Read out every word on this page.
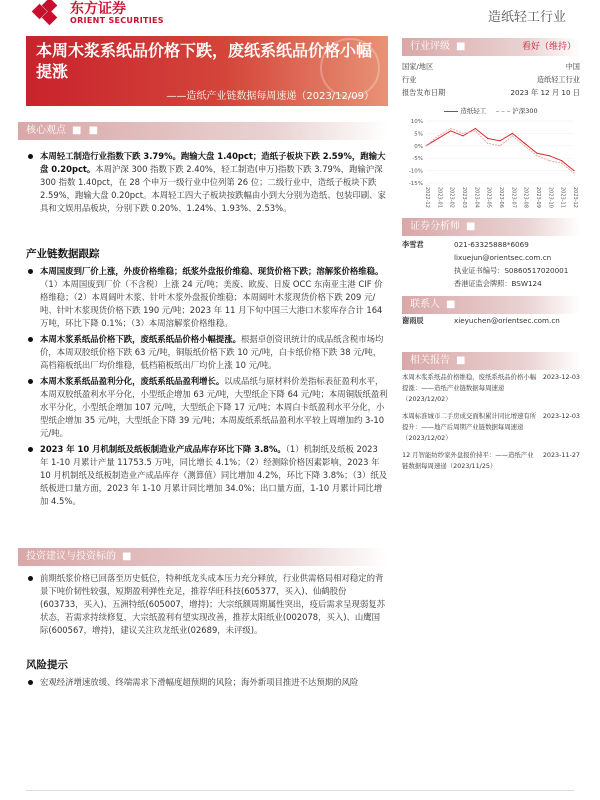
东方证券
ORIENT SECURITIES	造纸轻工行业
本周木浆系纸品价格下跌，废纸系纸品价格小幅提涨
——造纸产业链数据每周速递（2023/12/09）
核心观点 ■ ■
本周轻工制造行业指数下跌 3.79%。跑输大盘 1.40pct；造纸子板块下跌 2.59%，跑输大盘 0.20pct。本周沪深 300 指数下跌 2.40%，轻工制造(申万)指数下跌 3.79%，跑输沪深 300 指数 1.40pct，在 28 个申万一级行业中位列第 26 位；二级行业中，造纸子板块下跌 2.59%，跑输大盘 0.20pct。本周轻工四大子板块按跌幅由小到大分别为造纸、包装印刷、家具和文娱用品板块，分别下跌 0.20%、1.24%、1.93%、2.53%。
产业链数据跟踪
本周国废到厂价上涨，外废价格维稳；纸浆外盘报价维稳、现货价格下跌；溶解浆价格维稳。（1）本周国废到厂价（不含税）上涨 24 元/吨；美废、欧废、日废 OCC 东南亚主港 CIF 价格维稳；（2）本周阔叶木浆、针叶木浆外盘报价维稳；本周阔叶木浆现货价格下跌 209 元/吨、针叶木浆现货价格下跌 190 元/吨；2023 年 11 月下旬中国三大港口木浆库存合计 164 万吨，环比下降 0.1%；（3）本周溶解浆价格维稳。
本周木浆系纸品价格下跌，废纸系纸品价格小幅提涨。根据卓创资讯统计的成品纸含税市场均价，本周双胶纸价格下跌 63 元/吨，铜版纸价格下跌 10 元/吨，白卡纸价格下跌 38 元/吨，高档箱板纸出厂均价维稳，低档箱板纸出厂均价上涨 10 元/吨。
本周木浆系纸品盈利分化，废纸系纸品盈利增长。以成品纸与原材料价差指标表征盈利水平，本周双胶纸盈利水平分化，小型纸企增加 63 元/吨，大型纸企下降 64 元/吨；本周铜版纸盈利水平分化，小型纸企增加 107 元/吨，大型纸企下降 17 元/吨；本周白卡纸盈利水平分化，小型纸企增加 35 元/吨，大型纸企下降 39 元/吨；本周废纸系纸品盈利水平较上周增加约 3-10 元/吨。
2023 年 10 月机制纸及纸板制造业产成品库存环比下降 3.8%。（1）机制纸及纸板 2023 年 1-10 月累计产量 11753.5 万吨，同比增长 4.1%；（2）经测除价格因素影响，2023 年 10 月机制纸及纸板制造业产成品库存（测算值）同比增加 4.2%，环比下降 3.8%；（3）纸及纸板进口量方面，2023 年 1-10 月累计同比增加 34.0%；出口量方面，1-10 月累计同比增加 4.5%。
投资建议与投资标的 ■
前期纸浆价格已回落至历史低位，特种纸龙头成本压力充分释放，行业供需格局相对稳定的背景下吨价韧性较强，短期盈利弹性充足，推荐华旺科技(605377，买入)、仙鹤股份(603733，买入)、五洲特纸(605007，增持)；大宗纸额周期属性突出，疫后需求呈现弱复苏状态，若需求持续修复，大宗纸盈利有望实现改善，推荐太阳纸业(002078，买入)、山鹰国际(600567，增持)，建议关注玖龙纸业(02689，未评级)。
风险提示
宏观经济增速放缓、终端需求下滑幅度超预期的风险；海外新项目推进不达预期的风险
行业评级 ■	看好（维持）
国家/地区	中国
行业	造纸轻工行业
报告发布日期	2023 年 12 月 10 日
造纸轻工	沪深300
10%
5%
0%
-5%
-10%
-15%
2022-12 2023-01 2023-02 2023-03 2023-04 2023-05 2023-06 2023-07 2023-08 2023-09 2023-10 2023-11 2023-12
证券分析师 ■
李雪君	021-63325888*6069
lixuejun@orientsec.com.cn
执业证书编号：S0860517020001
香港证监会牌照：BSW124
联系人 ■
谢雨辰	xieyuchen@orientsec.com.cn
相关报告 ■
本周木浆系纸品价格维稳，废纸系纸品价格小幅提涨：——造纸产业链数据每周速递（2023/12/02）
2023-12-03
本周标准城市二手房成交面积累计同比增速有所提升：——地产后周期产业链数据每周速递（2023/12/02）
2023-12-03
12 月智能纺纱家外盘报价持平：——造纸产业链数据每周速递（2023/11/25）
2023-11-27
